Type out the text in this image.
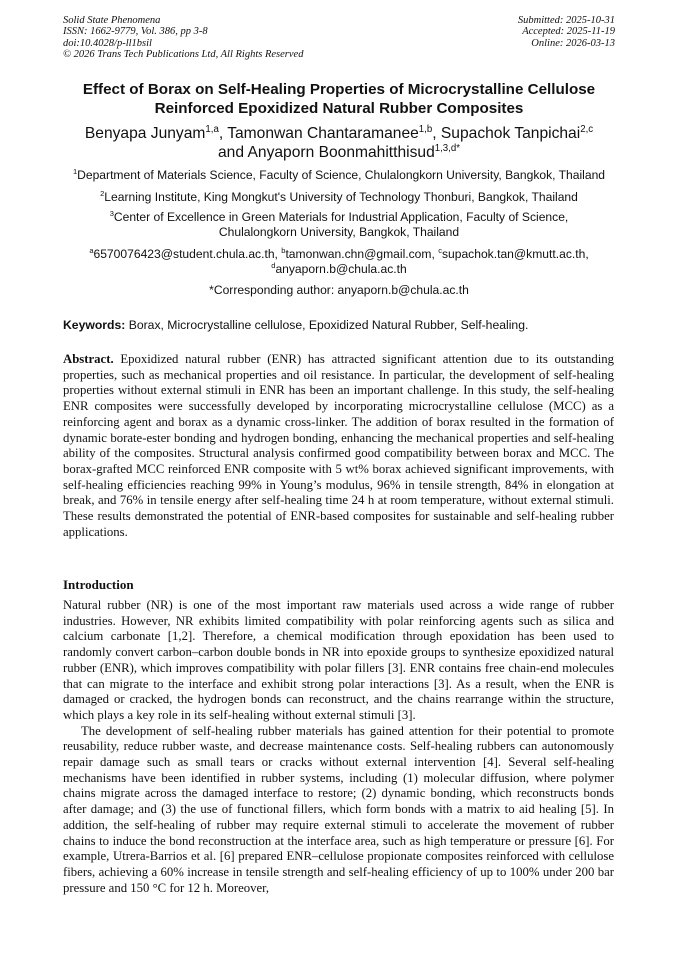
Solid State Phenomena
ISSN: 1662-9779, Vol. 386, pp 3-8
doi:10.4028/p-ll1bsil
© 2026 Trans Tech Publications Ltd, All Rights Reserved
Submitted: 2025-10-31
Accepted: 2025-11-19
Online: 2026-03-13
Effect of Borax on Self-Healing Properties of Microcrystalline Cellulose
Reinforced Epoxidized Natural Rubber Composites
Benyapa Junyam$^{1,a}$, Tamonwan Chantaramanee$^{1,b}$, Supachok Tanpichai$^{2,c}$
and Anyaporn Boonmahitthisud$^{1,3,d*}$
$^1$Department of Materials Science, Faculty of Science, Chulalongkorn University, Bangkok, Thailand
$^2$Learning Institute, King Mongkut's University of Technology Thonburi, Bangkok, Thailand
$^3$Center of Excellence in Green Materials for Industrial Application, Faculty of Science,
Chulalongkorn University, Bangkok, Thailand
$^a$6570076423@student.chula.ac.th, $^b$tamonwan.chn@gmail.com, $^c$supachok.tan@kmutt.ac.th,
$^d$anyaporn.b@chula.ac.th
*Corresponding author: anyaporn.b@chula.ac.th
Keywords: Borax, Microcrystalline cellulose, Epoxidized Natural Rubber, Self-healing.
Abstract. Epoxidized natural rubber (ENR) has attracted significant attention due to its outstanding properties, such as mechanical properties and oil resistance. In particular, the development of self-healing properties without external stimuli in ENR has been an important challenge. In this study, the self-healing ENR composites were successfully developed by incorporating microcrystalline cellulose (MCC) as a reinforcing agent and borax as a dynamic cross-linker. The addition of borax resulted in the formation of dynamic borate-ester bonding and hydrogen bonding, enhancing the mechanical properties and self-healing ability of the composites. Structural analysis confirmed good compatibility between borax and MCC. The borax-grafted MCC reinforced ENR composite with 5 wt% borax achieved significant improvements, with self-healing efficiencies reaching 99% in Young’s modulus, 96% in tensile strength, 84% in elongation at break, and 76% in tensile energy after self-healing time 24 h at room temperature, without external stimuli. These results demonstrated the potential of ENR-based composites for sustainable and self-healing rubber applications.
Introduction

Natural rubber (NR) is one of the most important raw materials used across a wide range of rubber industries. However, NR exhibits limited compatibility with polar reinforcing agents such as silica and calcium carbonate [1,2]. Therefore, a chemical modification through epoxidation has been used to randomly convert carbon–carbon double bonds in NR into epoxide groups to synthesize epoxidized natural rubber (ENR), which improves compatibility with polar fillers [3]. ENR contains free chain-end molecules that can migrate to the interface and exhibit strong polar interactions [3]. As a result, when the ENR is damaged or cracked, the hydrogen bonds can reconstruct, and the chains rearrange within the structure, which plays a key role in its self-healing without external stimuli [3].

The development of self-healing rubber materials has gained attention for their potential to promote reusability, reduce rubber waste, and decrease maintenance costs. Self-healing rubbers can autonomously repair damage such as small tears or cracks without external intervention [4]. Several self-healing mechanisms have been identified in rubber systems, including (1) molecular diffusion, where polymer chains migrate across the damaged interface to restore; (2) dynamic bonding, which reconstructs bonds after damage; and (3) the use of functional fillers, which form bonds with a matrix to aid healing [5]. In addition, the self-healing of rubber may require external stimuli to accelerate the movement of rubber chains to induce the bond reconstruction at the interface area, such as high temperature or pressure [6]. For example, Utrera-Barrios et al. [6] prepared ENR–cellulose propionate composites reinforced with cellulose fibers, achieving a 60% increase in tensile strength and self-healing efficiency of up to 100% under 200 bar pressure and 150 °C for 12 h. Moreover,
